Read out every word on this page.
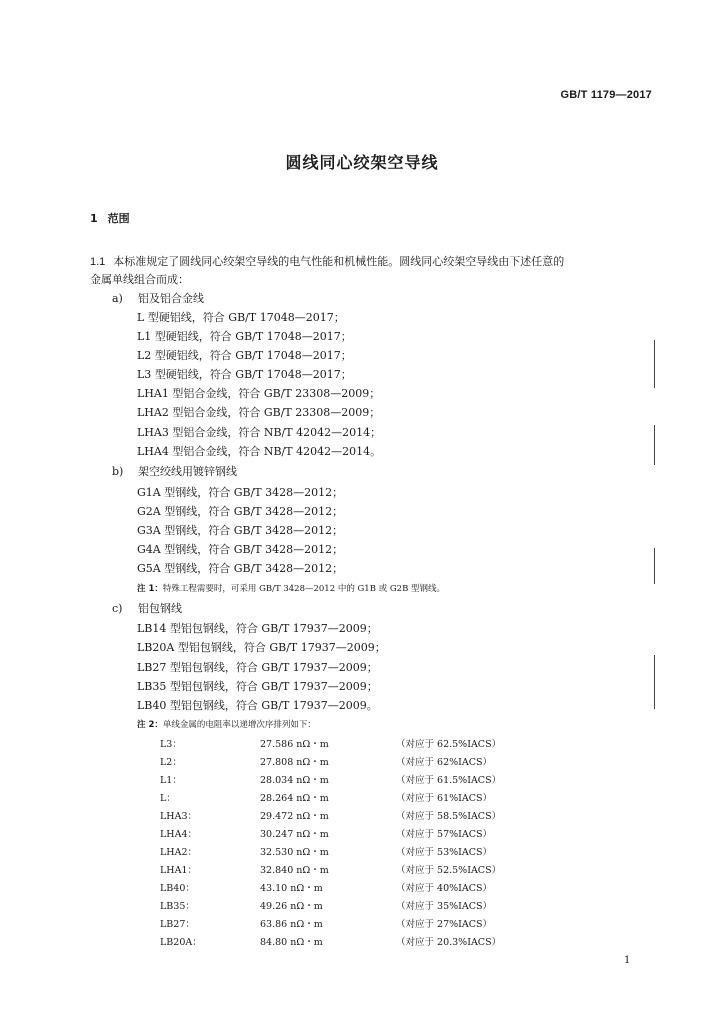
GB/T 1179—2017
圆线同心绞架空导线
1 范围
1.1 本标准规定了圆线同心绞架空导线的电气性能和机械性能。圆线同心绞架空导线由下述任意的
金属单线组合而成：
a) 铝及铝合金线
L 型硬铝线，符合 GB/T 17048—2017；
L1 型硬铝线，符合 GB/T 17048—2017；
L2 型硬铝线，符合 GB/T 17048—2017；
L3 型硬铝线，符合 GB/T 17048—2017；
LHA1 型铝合金线，符合 GB/T 23308—2009；
LHA2 型铝合金线，符合 GB/T 23308—2009；
LHA3 型铝合金线，符合 NB/T 42042—2014；
LHA4 型铝合金线，符合 NB/T 42042—2014。
b) 架空绞线用镀锌钢线
G1A 型钢线，符合 GB/T 3428—2012；
G2A 型钢线，符合 GB/T 3428—2012；
G3A 型钢线，符合 GB/T 3428—2012；
G4A 型钢线，符合 GB/T 3428—2012；
G5A 型钢线，符合 GB/T 3428—2012；
注 1：特殊工程需要时，可采用 GB/T 3428—2012 中的 G1B 或 G2B 型钢线。
c) 铝包钢线
LB14 型铝包钢线，符合 GB/T 17937—2009；
LB20A 型铝包钢线，符合 GB/T 17937—2009；
LB27 型铝包钢线，符合 GB/T 17937—2009；
LB35 型铝包钢线，符合 GB/T 17937—2009；
LB40 型铝包钢线，符合 GB/T 17937—2009。
注 2：单线金属的电阻率以递增次序排列如下：
L3：	27.586 nΩ・m	（对应于 62.5%IACS）
L2：	27.808 nΩ・m	（对应于 62%IACS）
L1：	28.034 nΩ・m	（对应于 61.5%IACS）
L：	28.264 nΩ・m	（对应于 61%IACS）
LHA3：	29.472 nΩ・m	（对应于 58.5%IACS）
LHA4：	30.247 nΩ・m	（对应于 57%IACS）
LHA2：	32.530 nΩ・m	（对应于 53%IACS）
LHA1：	32.840 nΩ・m	（对应于 52.5%IACS）
LB40：	43.10 nΩ・m	（对应于 40%IACS）
LB35：	49.26 nΩ・m	（对应于 35%IACS）
LB27：	63.86 nΩ・m	（对应于 27%IACS）
LB20A：	84.80 nΩ・m	（对应于 20.3%IACS）
1
